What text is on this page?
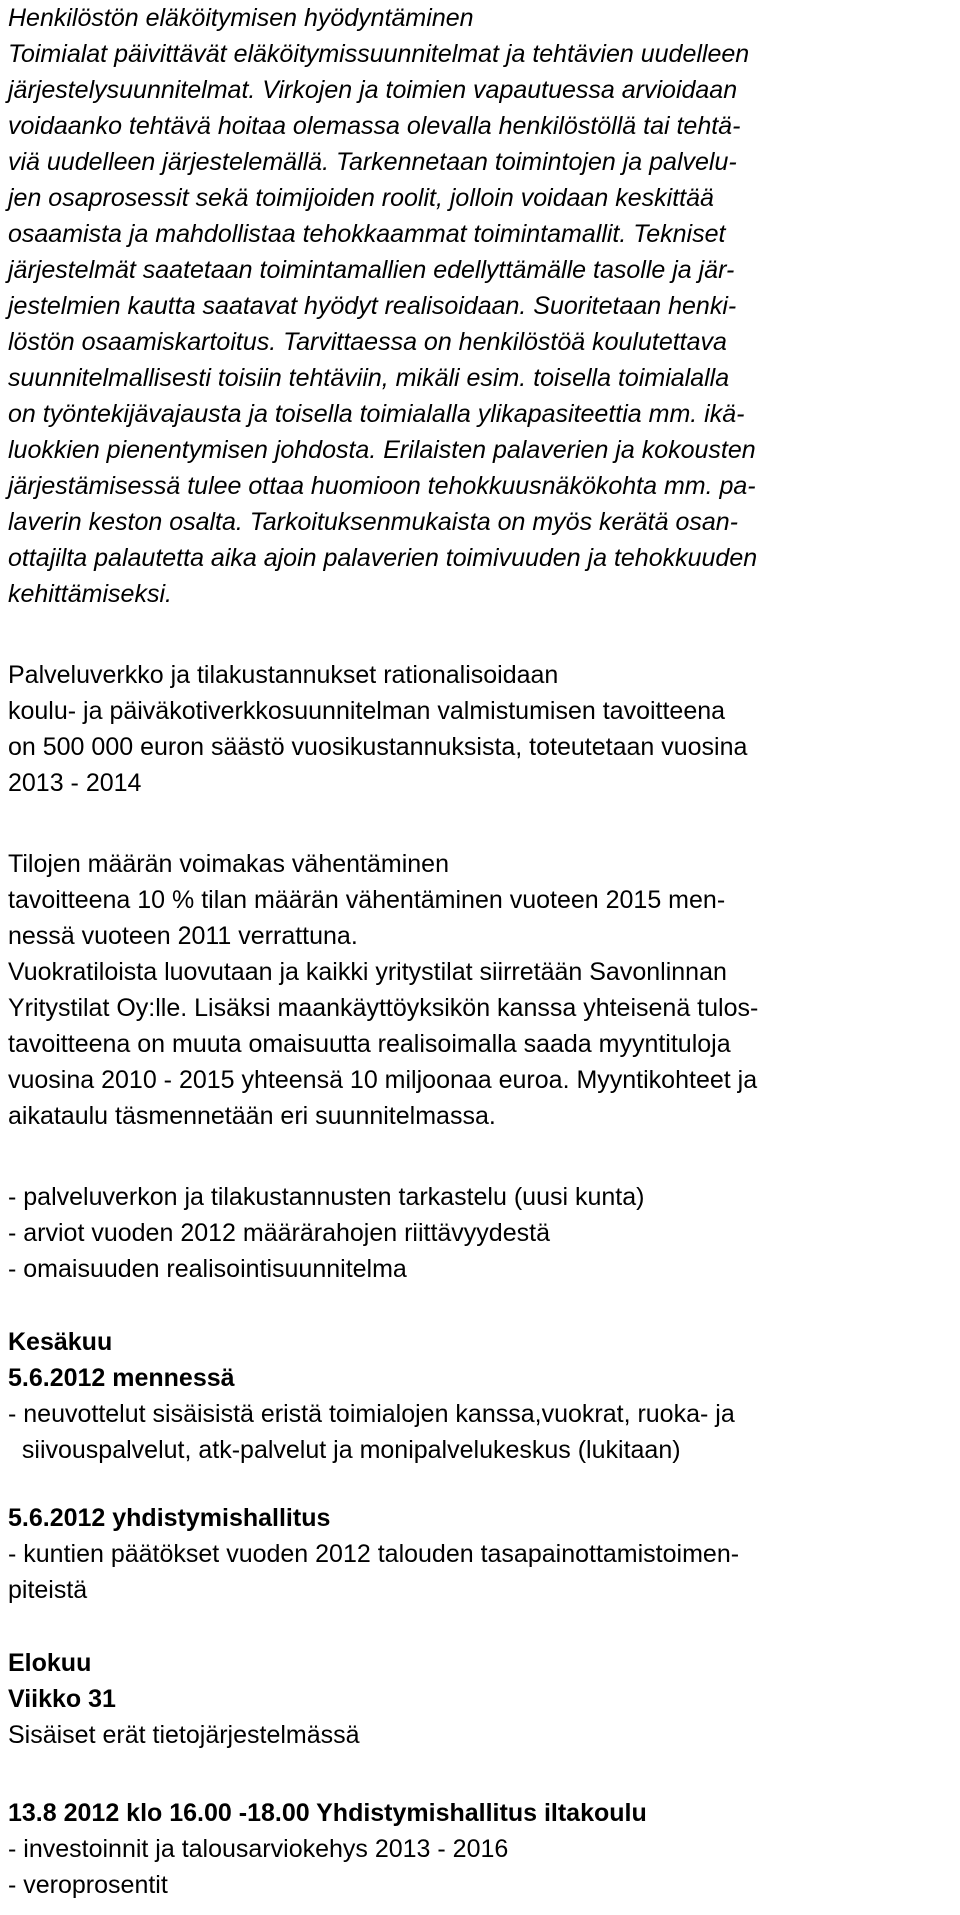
Henkilöstön eläköitymisen hyödyntäminen
Toimialat päivittävät eläköitymissuunnitelmat ja tehtävien uudelleen
järjestelysuunnitelmat. Virkojen ja toimien vapautuessa arvioidaan
voidaanko tehtävä hoitaa olemassa olevalla henkilöstöllä tai tehtä-
viä uudelleen järjestelemällä. Tarkennetaan toimintojen ja palvelu-
jen osaprosessit sekä toimijoiden roolit, jolloin voidaan keskittää
osaamista ja mahdollistaa tehokkaammat toimintamallit. Tekniset
järjestelmät saatetaan toimintamallien edellyttämälle tasolle ja jär-
jestelmien kautta saatavat hyödyt realisoidaan. Suoritetaan henki-
löstön osaamiskartoitus. Tarvittaessa on henkilöstöä koulutettava
suunnitelmallisesti toisiin tehtäviin, mikäli esim. toisella toimialalla
on työntekijävajausta ja toisella toimialalla ylikapasiteettia mm. ikä-
luokkien pienentymisen johdosta. Erilaisten palaverien ja kokousten
järjestämisessä tulee ottaa huomioon tehokkuusnäkökohta mm. pa-
laverin keston osalta. Tarkoituksenmukaista on myös kerätä osan-
ottajilta palautetta aika ajoin palaverien toimivuuden ja tehokkuuden
kehittämiseksi.
Palveluverkko ja tilakustannukset rationalisoidaan
koulu- ja päiväkotiverkkosuunnitelman valmistumisen tavoitteena
on 500 000 euron säästö vuosikustannuksista, toteutetaan vuosina
2013 - 2014
Tilojen määrän voimakas vähentäminen
tavoitteena 10 % tilan määrän vähentäminen vuoteen 2015 men-
nessä vuoteen 2011 verrattuna.
Vuokratiloista luovutaan ja kaikki yritystilat siirretään Savonlinnan
Yritystilat Oy:lle. Lisäksi maankäyttöyksikön kanssa yhteisenä tulos-
tavoitteena on muuta omaisuutta realisoimalla saada myyntituloja
vuosina 2010 - 2015 yhteensä 10 miljoonaa euroa. Myyntikohteet ja
aikataulu täsmennetään eri suunnitelmassa.
- palveluverkon ja tilakustannusten tarkastelu (uusi kunta)
- arviot vuoden 2012 määrärahojen riittävyydestä
- omaisuuden realisointisuunnitelma
Kesäkuu
5.6.2012 mennessä
- neuvottelut sisäisistä eristä toimialojen kanssa,vuokrat, ruoka- ja
siivouspalvelut, atk-palvelut ja monipalvelukeskus (lukitaan)
5.6.2012 yhdistymishallitus
- kuntien päätökset vuoden 2012 talouden tasapainottamistoimen-
piteistä
Elokuu
Viikko 31
Sisäiset erät tietojärjestelmässä
13.8 2012 klo 16.00 -18.00 Yhdistymishallitus iltakoulu
- investoinnit ja talousarviokehys 2013 - 2016
- veroprosentit
